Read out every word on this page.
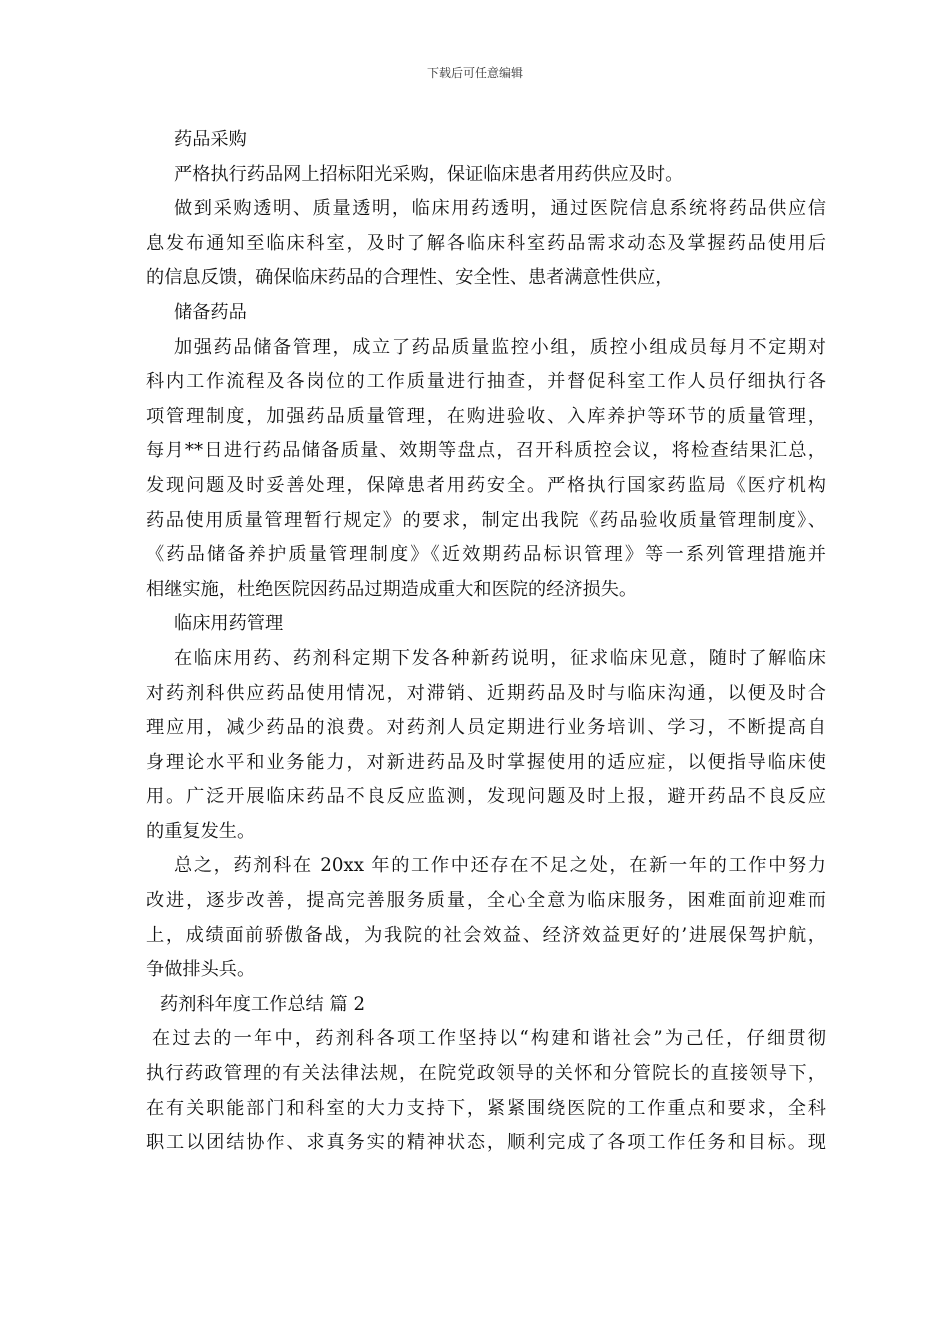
下载后可任意编辑
药品采购
严格执行药品网上招标阳光采购，保证临床患者用药供应及时。
做到采购透明、质量透明，临床用药透明，通过医院信息系统将药品供应信
息发布通知至临床科室，及时了解各临床科室药品需求动态及掌握药品使用后
的信息反馈，确保临床药品的合理性、安全性、患者满意性供应，
储备药品
加强药品储备管理，成立了药品质量监控小组，质控小组成员每月不定期对
科内工作流程及各岗位的工作质量进行抽查，并督促科室工作人员仔细执行各
项管理制度，加强药品质量管理，在购进验收、入库养护等环节的质量管理，
每月**日进行药品储备质量、效期等盘点，召开科质控会议，将检查结果汇总，
发现问题及时妥善处理，保障患者用药安全。严格执行国家药监局《医疗机构
药品使用质量管理暂行规定》的要求，制定出我院《药品验收质量管理制度》、
《药品储备养护质量管理制度》《近效期药品标识管理》等一系列管理措施并
相继实施，杜绝医院因药品过期造成重大和医院的经济损失。
临床用药管理
在临床用药、药剂科定期下发各种新药说明，征求临床见意，随时了解临床
对药剂科供应药品使用情况，对滞销、近期药品及时与临床沟通，以便及时合
理应用，减少药品的浪费。对药剂人员定期进行业务培训、学习，不断提高自
身理论水平和业务能力，对新进药品及时掌握使用的适应症，以便指导临床使
用。广泛开展临床药品不良反应监测，发现问题及时上报，避开药品不良反应
的重复发生。
总之，药剂科在 20xx 年的工作中还存在不足之处，在新一年的工作中努力
改进，逐步改善，提高完善服务质量，全心全意为临床服务，困难面前迎难而
上，成绩面前骄傲备战，为我院的社会效益、经济效益更好的’进展保驾护航，
争做排头兵。
药剂科年度工作总结 篇 2
在过去的一年中，药剂科各项工作坚持以“构建和谐社会”为己任，仔细贯彻
执行药政管理的有关法律法规，在院党政领导的关怀和分管院长的直接领导下，
在有关职能部门和科室的大力支持下，紧紧围绕医院的工作重点和要求，全科
职工以团结协作、求真务实的精神状态，顺利完成了各项工作任务和目标。现
